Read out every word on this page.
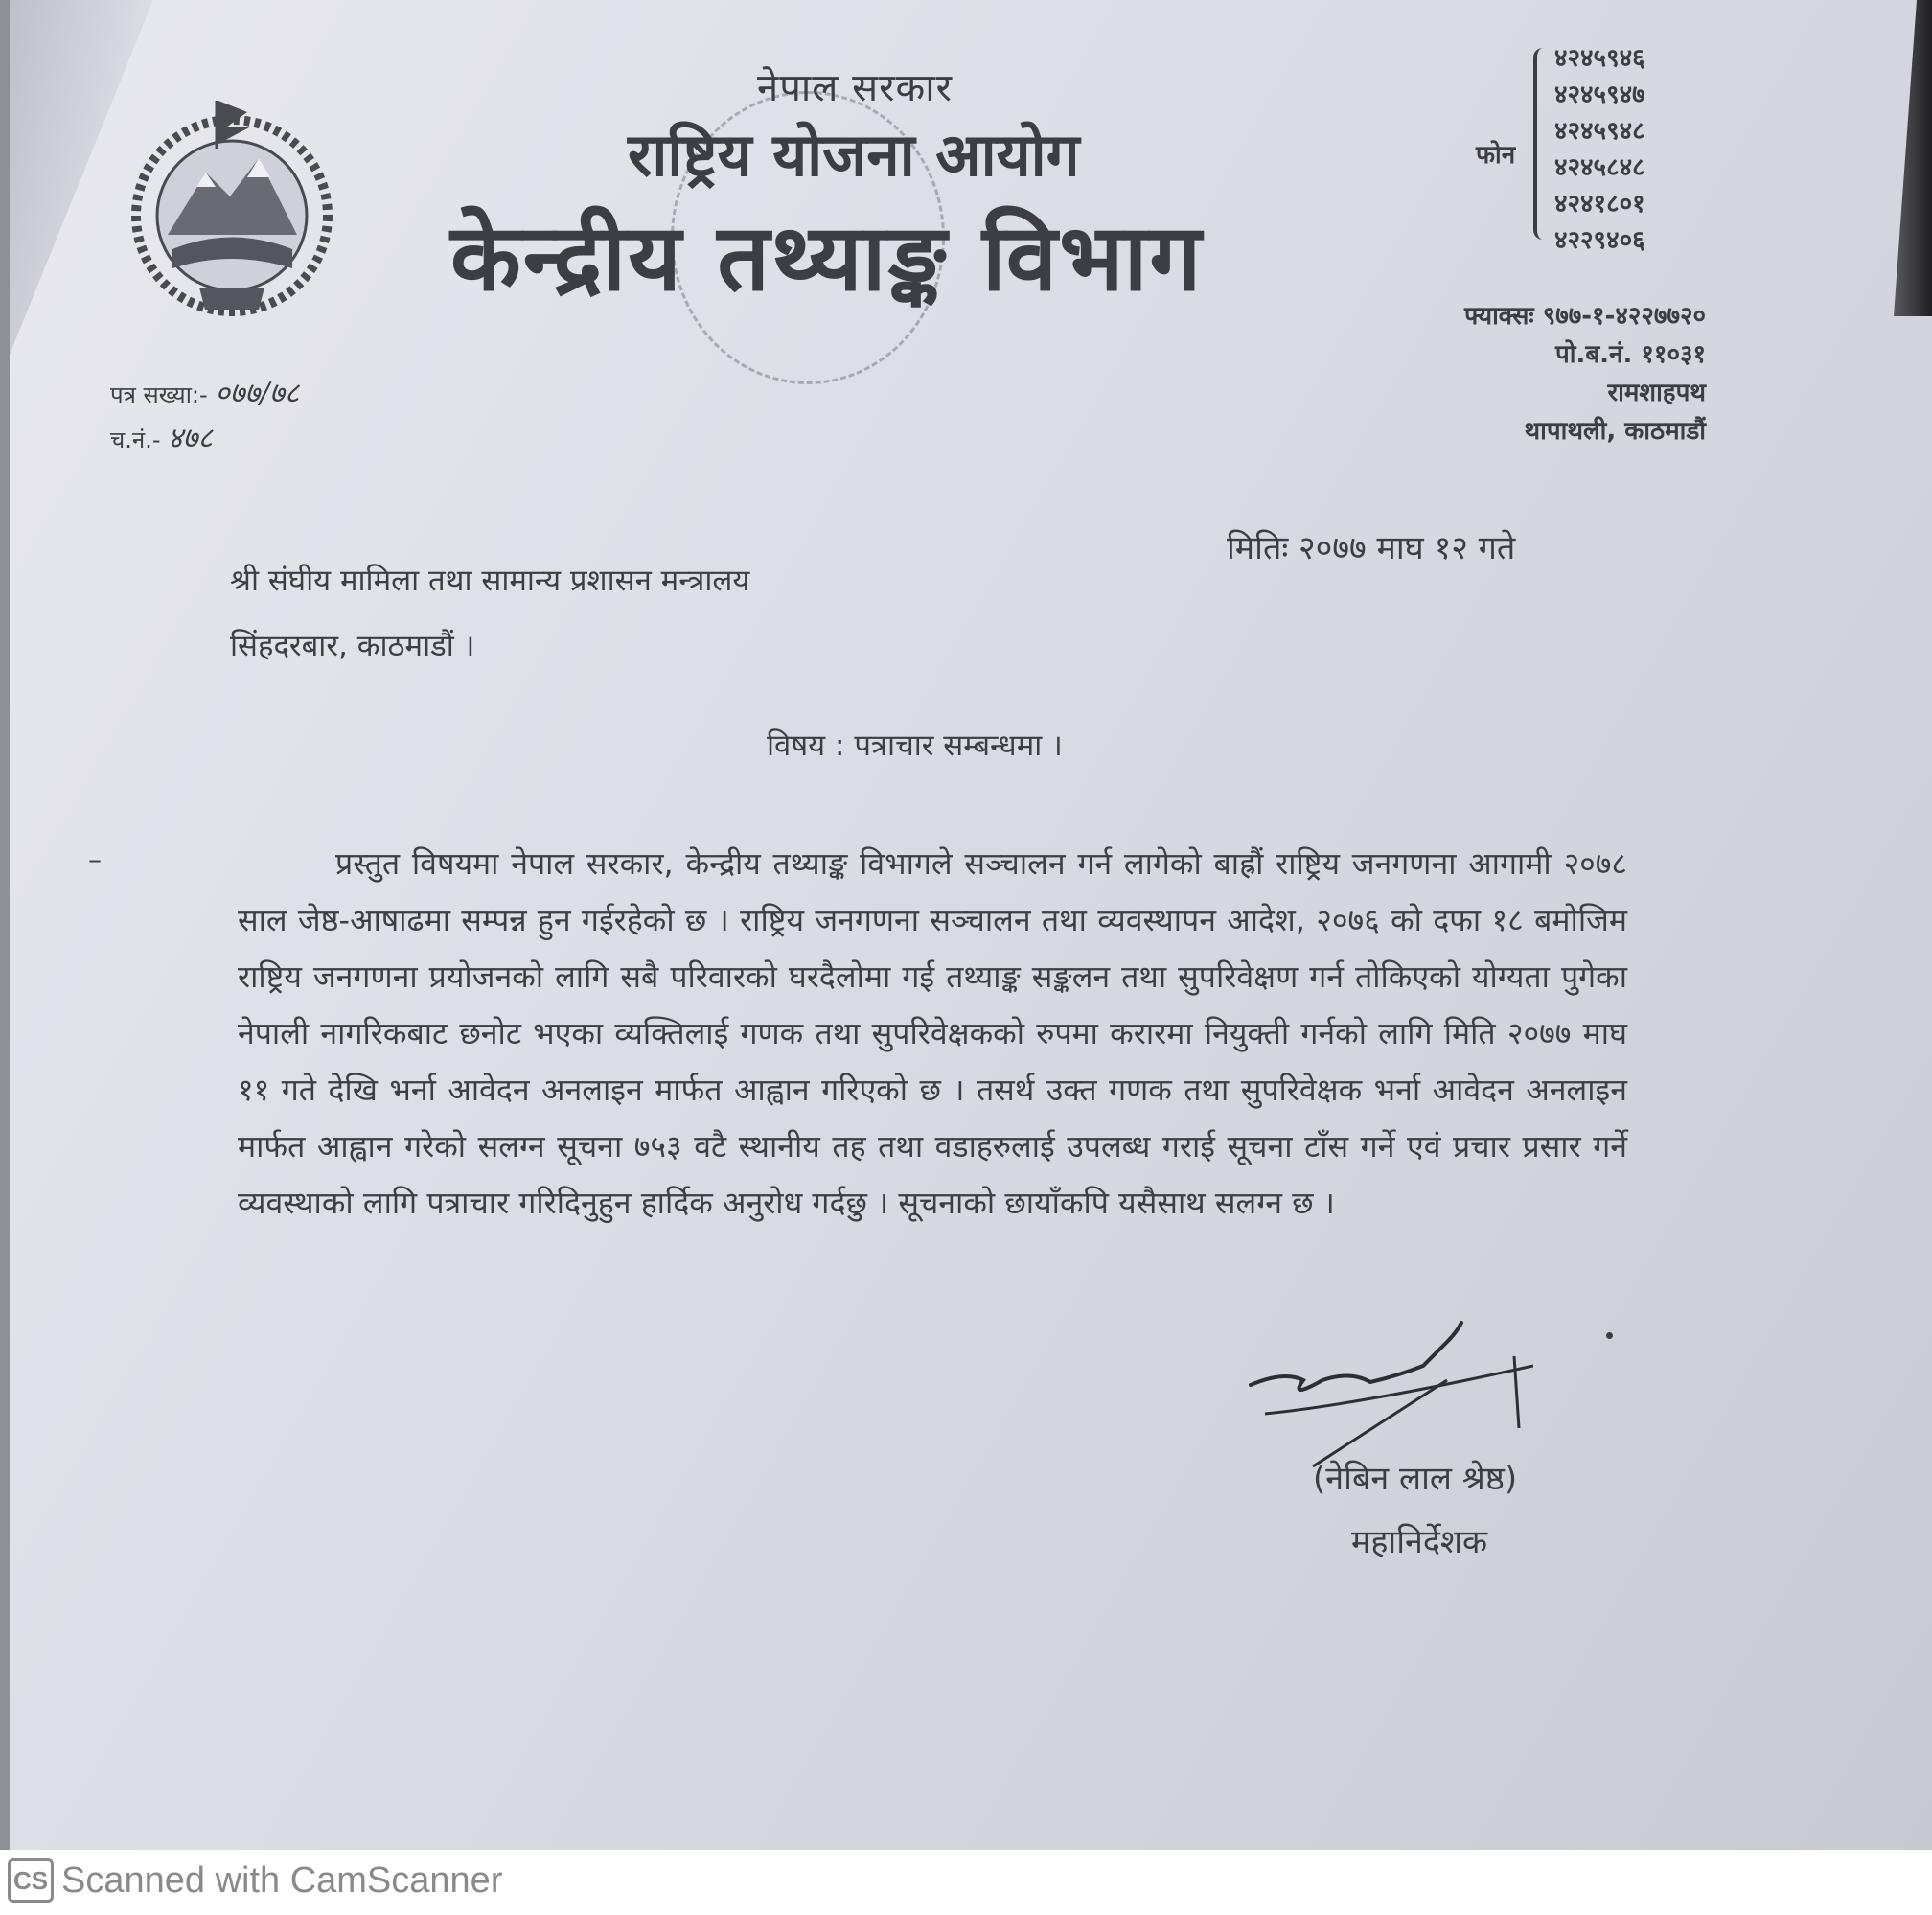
नेपाल सरकार
राष्ट्रिय योजना आयोग
केन्द्रीय तथ्याङ्क विभाग
फोन
४२४५९४६
४२४५९४७
४२४५९४८
४२४५८४८
४२४१८०१
४२२९४०६
फ्याक्सः ९७७-१-४२२७७२०
पो.ब.नं. ११०३१
रामशाहपथ
थापाथली, काठमाडौं
पत्र सख्या:- ०७७/७८
च.नं.- ४७८
मितिः २०७७ माघ १२ गते
श्री संघीय मामिला तथा सामान्य प्रशासन मन्त्रालय
सिंहदरबार, काठमाडौं ।
विषय : पत्राचार सम्बन्धमा ।
–	प्रस्तुत विषयमा नेपाल सरकार, केन्द्रीय तथ्याङ्क विभागले सञ्चालन गर्न लागेको बाह्रौं राष्ट्रिय जनगणना आगामी २०७८ साल जेष्ठ-आषाढमा सम्पन्न हुन गईरहेको छ । राष्ट्रिय जनगणना सञ्चालन तथा व्यवस्थापन आदेश, २०७६ को दफा १८ बमोजिम राष्ट्रिय जनगणना प्रयोजनको लागि सबै परिवारको घरदैलोमा गई तथ्याङ्क सङ्कलन तथा सुपरिवेक्षण गर्न तोकिएको योग्यता पुगेका नेपाली नागरिकबाट छनोट भएका व्यक्तिलाई गणक तथा सुपरिवेक्षकको रुपमा करारमा नियुक्ती गर्नको लागि मिति २०७७ माघ ११ गते देखि भर्ना आवेदन अनलाइन मार्फत आह्वान गरिएको छ । तसर्थ उक्त गणक तथा सुपरिवेक्षक भर्ना आवेदन अनलाइन मार्फत आह्वान गरेको सलग्न सूचना ७५३ वटै स्थानीय तह तथा वडाहरुलाई उपलब्ध गराई सूचना टाँस गर्ने एवं प्रचार प्रसार गर्ने व्यवस्थाको लागि पत्राचार गरिदिनुहुन हार्दिक अनुरोध गर्दछु । सूचनाको छायाँकपि यसैसाथ सलग्न छ ।
(नेबिन लाल श्रेष्ठ)
महानिर्देशक
CS Scanned with CamScanner
